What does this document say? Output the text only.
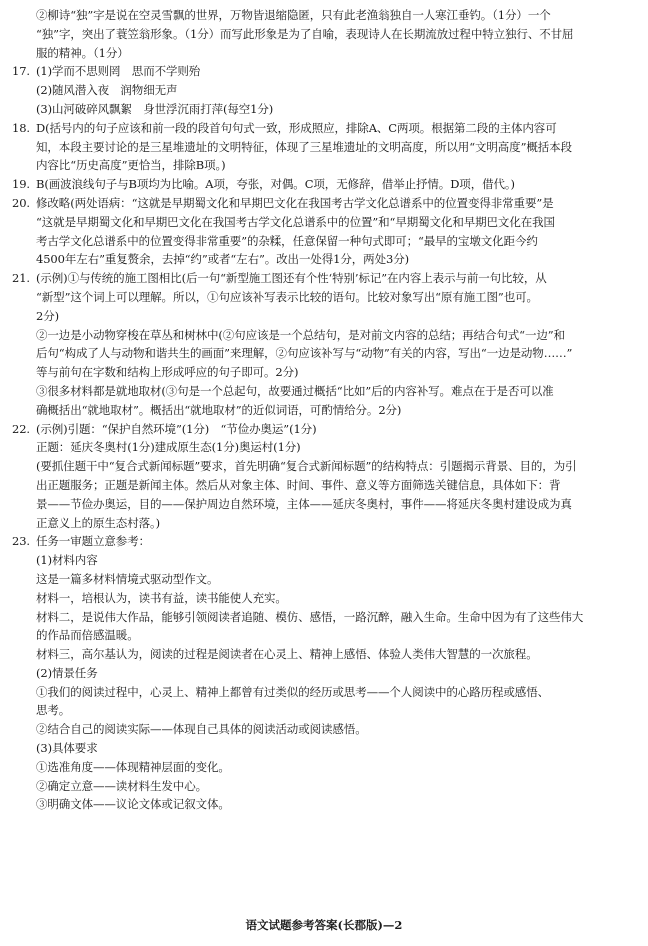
②柳诗“独”字是说在空灵雪飘的世界，万物皆退缩隐匿，只有此老渔翁独自一人寒江垂钓。（1分）一个
“独”字，突出了蓑笠翁形象。（1分）而写此形象是为了自喻，表现诗人在长期流放过程中特立独行、不甘屈
服的精神。（1分）
17. (1)学而不思则罔　思而不学则殆
(2)随风潜入夜　润物细无声
(3)山河破碎风飘絮　身世浮沉雨打萍(每空1分)
18. D(括号内的句子应该和前一段的段首句句式一致，形成照应，排除A、C两项。根据第二段的主体内容可
知，本段主要讨论的是三星堆遗址的文明特征，体现了三星堆遗址的文明高度，所以用“文明高度”概括本段
内容比“历史高度”更恰当，排除B项。)
19. B(画波浪线句子与B项均为比喻。A项，夸张，对偶。C项，无修辞，借举止抒情。D项，借代。)
20. 修改略(两处语病：“这就是早期蜀文化和早期巴文化在我国考古学文化总谱系中的位置变得非常重要”是
“这就是早期蜀文化和早期巴文化在我国考古学文化总谱系中的位置”和“早期蜀文化和早期巴文化在我国
考古学文化总谱系中的位置变得非常重要”的杂糅，任意保留一种句式即可；“最早的宝墩文化距今约
4500年左右”重复赘余，去掉“约”或者“左右”。改出一处得1分，两处3分)
21. (示例)①与传统的施工图相比(后一句“新型施工图还有个性‘特别’标记”在内容上表示与前一句比较，从
“新型”这个词上可以理解。所以，①句应该补写表示比较的语句。比较对象写出“原有施工图”也可。
2分)
②一边是小动物穿梭在草丛和树林中(②句应该是一个总结句，是对前文内容的总结；再结合句式“一边”和
后句“构成了人与动物和谐共生的画面”来理解，②句应该补写与“动物”有关的内容，写出“一边是动物……”
等与前句在字数和结构上形成呼应的句子即可。2分)
③很多材料都是就地取材(③句是一个总起句，故要通过概括“比如”后的内容补写。难点在于是否可以准
确概括出“就地取材”。概括出“就地取材”的近似词语，可酌情给分。2分)
22. (示例)引题：“保护自然环境”(1分)　“节俭办奥运”(1分)
正题：延庆冬奥村(1分)建成原生态(1分)奥运村(1分)
(要抓住题干中“复合式新闻标题”要求，首先明确“复合式新闻标题”的结构特点：引题揭示背景、目的，为引
出正题服务；正题是新闻主体。然后从对象主体、时间、事件、意义等方面筛选关键信息，具体如下：背
景——节俭办奥运，目的——保护周边自然环境，主体——延庆冬奥村，事件——将延庆冬奥村建设成为真
正意义上的原生态村落。)
23. 任务一审题立意参考：
(1)材料内容
这是一篇多材料情境式驱动型作文。
材料一，培根认为，读书有益，读书能使人充实。
材料二，是说伟大作品，能够引领阅读者追随、模仿、感悟，一路沉醉，融入生命。生命中因为有了这些伟大
的作品而倍感温暖。
材料三，高尔基认为，阅读的过程是阅读者在心灵上、精神上感悟、体验人类伟大智慧的一次旅程。
(2)情景任务
①我们的阅读过程中，心灵上、精神上都曾有过类似的经历或思考——个人阅读中的心路历程或感悟、
思考。
②结合自己的阅读实际——体现自己具体的阅读活动或阅读感悟。
(3)具体要求
①选准角度——体现精神层面的变化。
②确定立意——读材料生发中心。
③明确文体——议论文体或记叙文体。
语文试题参考答案(长郡版)—2
